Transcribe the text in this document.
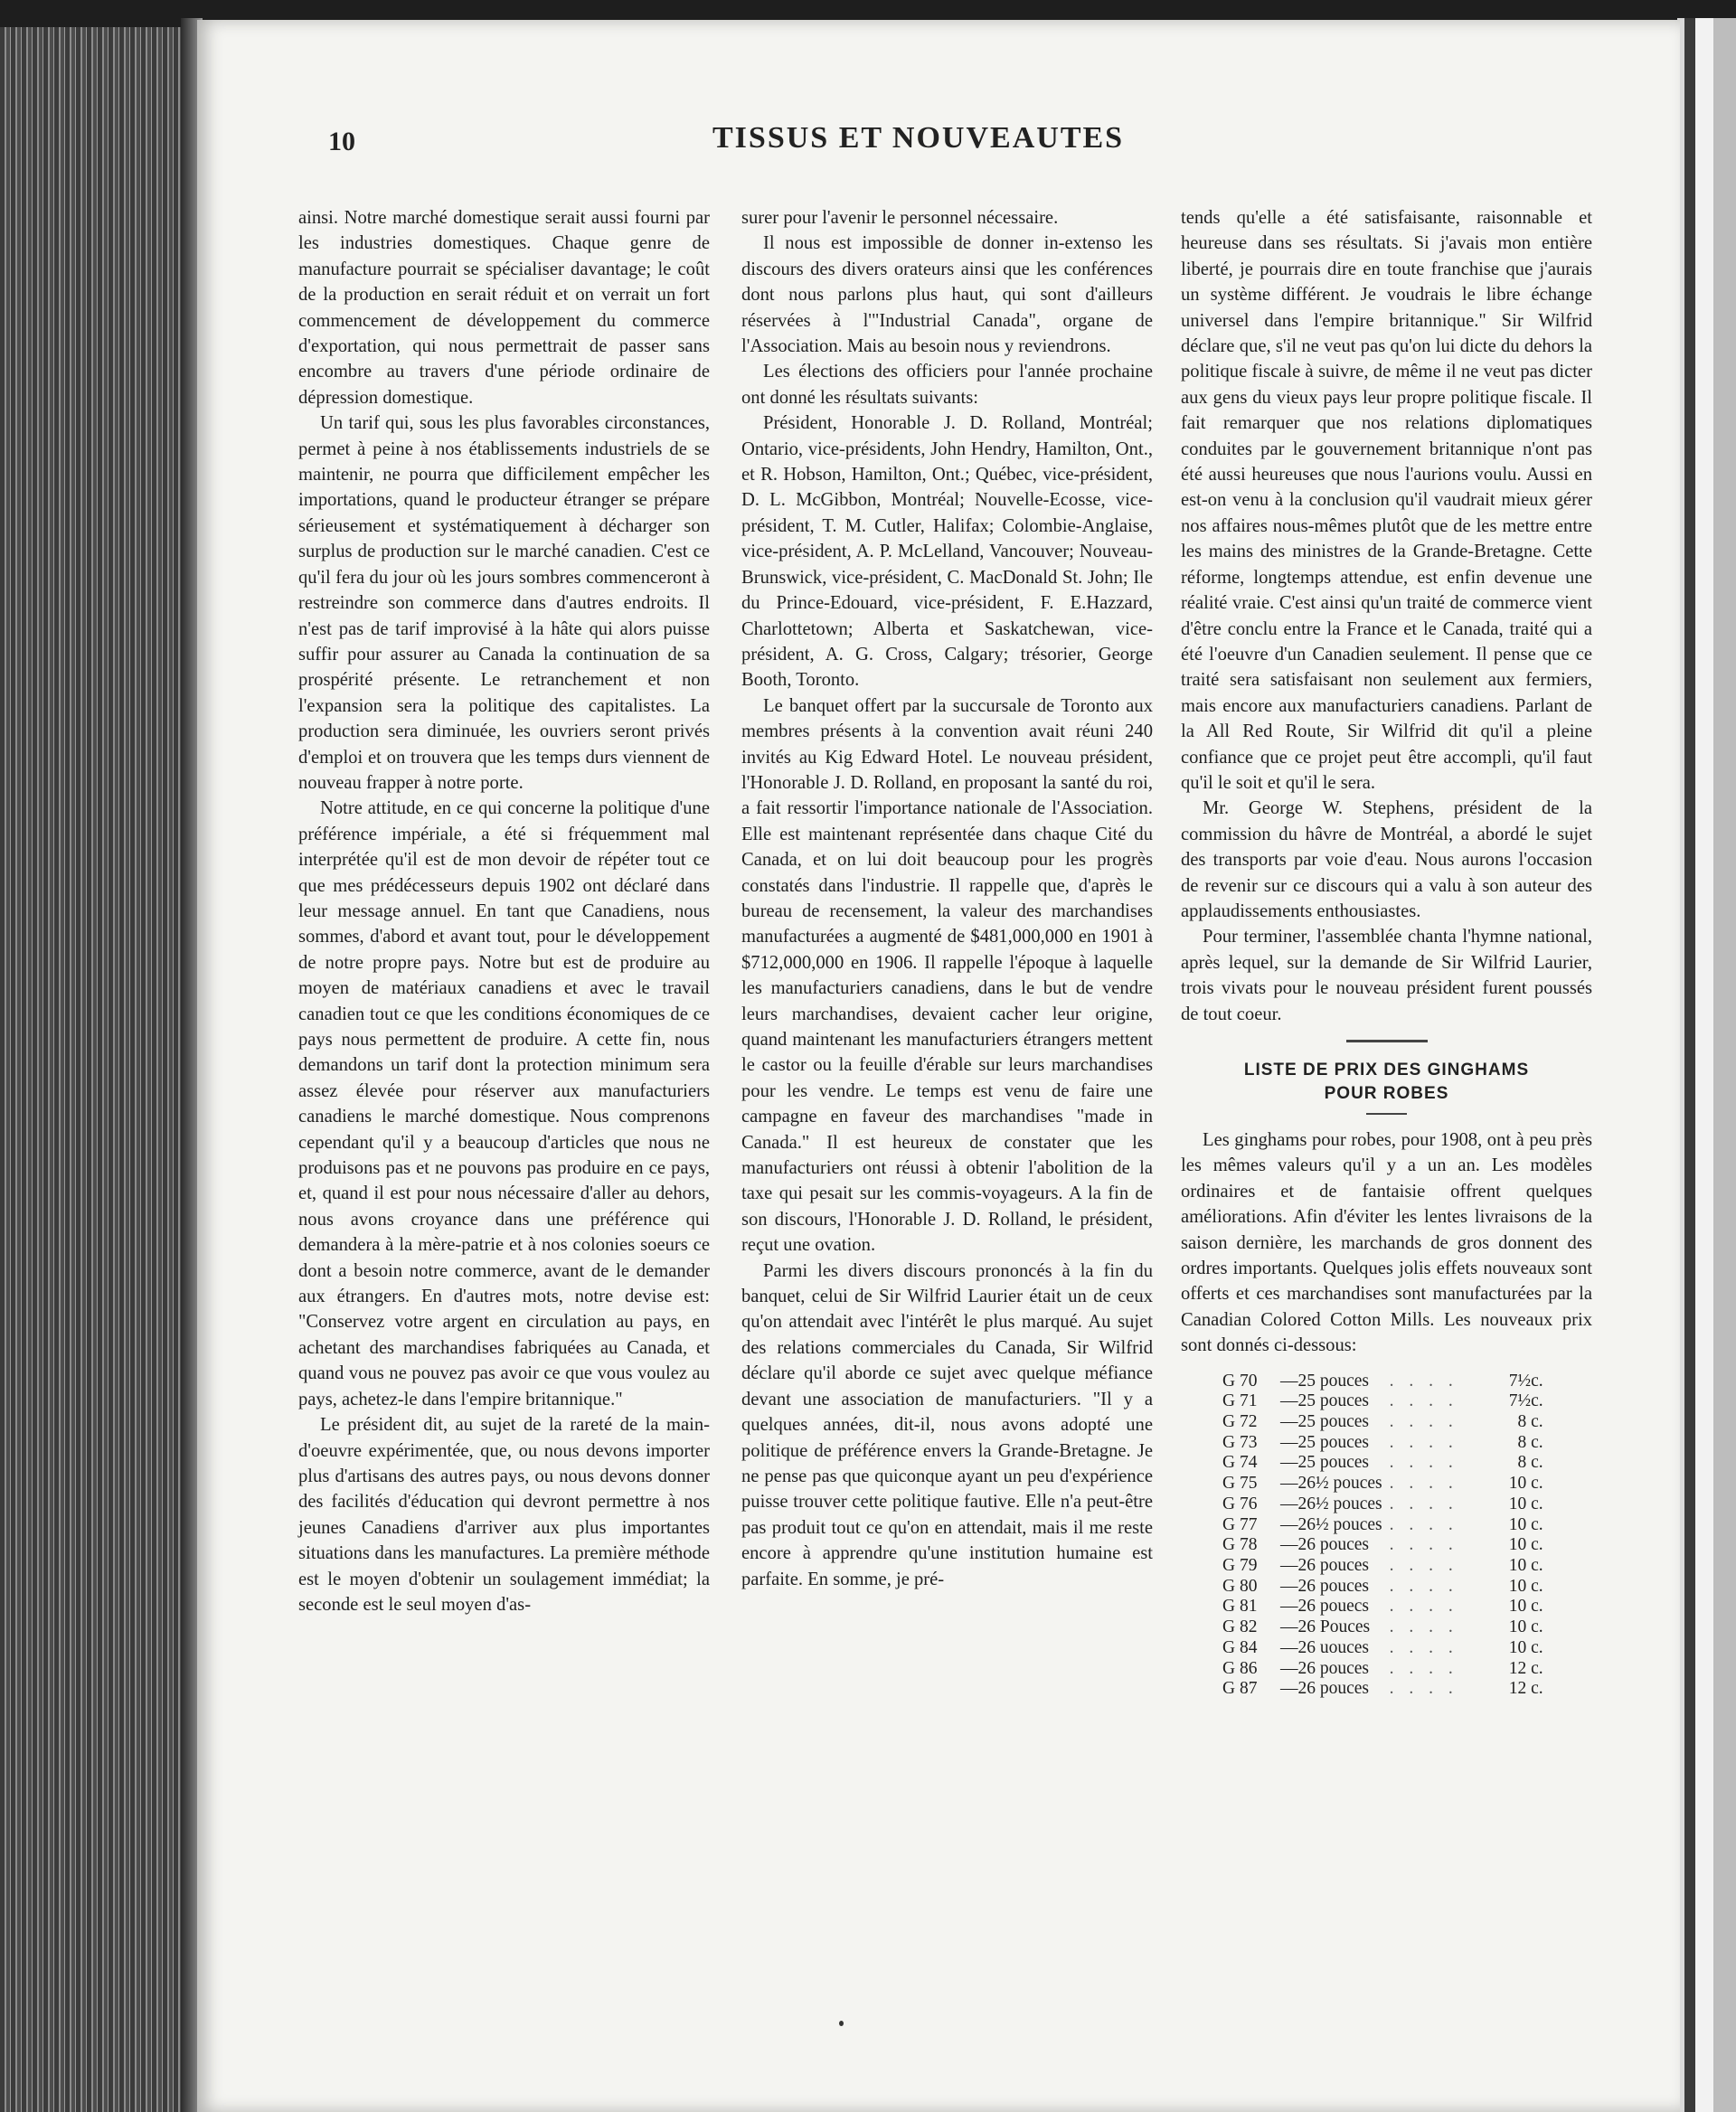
10	TISSUS ET NOUVEAUTES

ainsi. Notre marché domestique serait aussi fourni par les industries domestiques. Chaque genre de manufacture pourrait se spécialiser davantage; le coût de la production en serait réduit et on verrait un fort commencement de développement du commerce d'exportation, qui nous permettrait de passer sans encombre au travers d'une période ordinaire de dépression domestique.

Un tarif qui, sous les plus favorables circonstances, permet à peine à nos établissements industriels de se maintenir, ne pourra que difficilement empêcher les importations, quand le producteur étranger se prépare sérieusement et systématiquement à décharger son surplus de production sur le marché canadien. C'est ce qu'il fera du jour où les jours sombres commenceront à restreindre son commerce dans d'autres endroits. Il n'est pas de tarif improvisé à la hâte qui alors puisse suffir pour assurer au Canada la continuation de sa prospérité présente. Le retranchement et non l'expansion sera la politique des capitalistes. La production sera diminuée, les ouvriers seront privés d'emploi et on trouvera que les temps durs viennent de nouveau frapper à notre porte.

Notre attitude, en ce qui concerne la politique d'une préférence impériale, a été si fréquemment mal interprétée qu'il est de mon devoir de répéter tout ce que mes prédécesseurs depuis 1902 ont déclaré dans leur message annuel. En tant que Canadiens, nous sommes, d'abord et avant tout, pour le développement de notre propre pays. Notre but est de produire au moyen de matériaux canadiens et avec le travail canadien tout ce que les conditions économiques de ce pays nous permettent de produire. A cette fin, nous demandons un tarif dont la protection minimum sera assez élevée pour réserver aux manufacturiers canadiens le marché domestique. Nous comprenons cependant qu'il y a beaucoup d'articles que nous ne produisons pas et ne pouvons pas produire en ce pays, et, quand il est pour nous nécessaire d'aller au dehors, nous avons croyance dans une préférence qui demandera à la mère-patrie et à nos colonies soeurs ce dont a besoin notre commerce, avant de le demander aux étrangers. En d'autres mots, notre devise est: "Conservez votre argent en circulation au pays, en achetant des marchandises fabriquées au Canada, et quand vous ne pouvez pas avoir ce que vous voulez au pays, achetez-le dans l'empire britannique."

Le président dit, au sujet de la rareté de la main-d'oeuvre expérimentée, que, ou nous devons importer plus d'artisans des autres pays, ou nous devons donner des facilités d'éducation qui devront permettre à nos jeunes Canadiens d'arriver aux plus importantes situations dans les manufactures. La première méthode est le moyen d'obtenir un soulagement immédiat; la seconde est le seul moyen d'as-

surer pour l'avenir le personnel nécessaire.

Il nous est impossible de donner in-extenso les discours des divers orateurs ainsi que les conférences dont nous parlons plus haut, qui sont d'ailleurs réservées à l'"Industrial Canada", organe de l'Association. Mais au besoin nous y reviendrons.

Les élections des officiers pour l'année prochaine ont donné les résultats suivants:

Président, Honorable J. D. Rolland, Montréal; Ontario, vice-présidents, John Hendry, Hamilton, Ont., et R. Hobson, Hamilton, Ont.; Québec, vice-président, D. L. McGibbon, Montréal; Nouvelle-Ecosse, vice-président, T. M. Cutler, Halifax; Colombie-Anglaise, vice-président, A. P. McLelland, Vancouver; Nouveau-Brunswick, vice-président, C. MacDonald St. John; Ile du Prince-Edouard, vice-président, F. E.Hazzard, Charlottetown; Alberta et Saskatchewan, vice-président, A. G. Cross, Calgary; trésorier, George Booth, Toronto.

Le banquet offert par la succursale de Toronto aux membres présents à la convention avait réuni 240 invités au Kig Edward Hotel. Le nouveau président, l'Honorable J. D. Rolland, en proposant la santé du roi, a fait ressortir l'importance nationale de l'Association. Elle est maintenant représentée dans chaque Cité du Canada, et on lui doit beaucoup pour les progrès constatés dans l'industrie. Il rappelle que, d'après le bureau de recensement, la valeur des marchandises manufacturées a augmenté de $481,000,000 en 1901 à $712,000,000 en 1906. Il rappelle l'époque à laquelle les manufacturiers canadiens, dans le but de vendre leurs marchandises, devaient cacher leur origine, quand maintenant les manufacturiers étrangers mettent le castor ou la feuille d'érable sur leurs marchandises pour les vendre. Le temps est venu de faire une campagne en faveur des marchandises "made in Canada." Il est heureux de constater que les manufacturiers ont réussi à obtenir l'abolition de la taxe qui pesait sur les commis-voyageurs. A la fin de son discours, l'Honorable J. D. Rolland, le président, reçut une ovation.

Parmi les divers discours prononcés à la fin du banquet, celui de Sir Wilfrid Laurier était un de ceux qu'on attendait avec l'intérêt le plus marqué. Au sujet des relations commerciales du Canada, Sir Wilfrid déclare qu'il aborde ce sujet avec quelque méfiance devant une association de manufacturiers. "Il y a quelques années, dit-il, nous avons adopté une politique de préférence envers la Grande-Bretagne. Je ne pense pas que quiconque ayant un peu d'expérience puisse trouver cette politique fautive. Elle n'a peut-être pas produit tout ce qu'on en attendait, mais il me reste encore à apprendre qu'une institution humaine est parfaite. En somme, je pré-

tends qu'elle a été satisfaisante, raisonnable et heureuse dans ses résultats. Si j'avais mon entière liberté, je pourrais dire en toute franchise que j'aurais un système différent. Je voudrais le libre échange universel dans l'empire britannique." Sir Wilfrid déclare que, s'il ne veut pas qu'on lui dicte du dehors la politique fiscale à suivre, de même il ne veut pas dicter aux gens du vieux pays leur propre politique fiscale. Il fait remarquer que nos relations diplomatiques conduites par le gouvernement britannique n'ont pas été aussi heureuses que nous l'aurions voulu. Aussi en est-on venu à la conclusion qu'il vaudrait mieux gérer nos affaires nous-mêmes plutôt que de les mettre entre les mains des ministres de la Grande-Bretagne. Cette réforme, longtemps attendue, est enfin devenue une réalité vraie. C'est ainsi qu'un traité de commerce vient d'être conclu entre la France et le Canada, traité qui a été l'oeuvre d'un Canadien seulement. Il pense que ce traité sera satisfaisant non seulement aux fermiers, mais encore aux manufacturiers canadiens. Parlant de la All Red Route, Sir Wilfrid dit qu'il a pleine confiance que ce projet peut être accompli, qu'il faut qu'il le soit et qu'il le sera.

Mr. George W. Stephens, président de la commission du hâvre de Montréal, a abordé le sujet des transports par voie d'eau. Nous aurons l'occasion de revenir sur ce discours qui a valu à son auteur des applaudissements enthousiastes.

Pour terminer, l'assemblée chanta l'hymne national, après lequel, sur la demande de Sir Wilfrid Laurier, trois vivats pour le nouveau président furent poussés de tout coeur.

LISTE DE PRIX DES GINGHAMS
POUR ROBES

Les ginghams pour robes, pour 1908, ont à peu près les mêmes valeurs qu'il y a un an. Les modèles ordinaires et de fantaisie offrent quelques améliorations. Afin d'éviter les lentes livraisons de la saison dernière, les marchands de gros donnent des ordres importants. Quelques jolis effets nouveaux sont offerts et ces marchandises sont manufacturées par la Canadian Colored Cotton Mills. Les nouveaux prix sont donnés ci-dessous:

G 70	—25 pouces	. . . .	7½c.
G 71	—25 pouces	. . . .	7½c.
G 72	—25 pouces	. . . .	8 c.
G 73	—25 pouces	. . . .	8 c.
G 74	—25 pouces	. . . .	8 c.
G 75	—26½ pouces	. . . .	10 c.
G 76	—26½ pouces	. . . .	10 c.
G 77	—26½ pouces	. . . .	10 c.
G 78	—26 pouces	. . . .	10 c.
G 79	—26 pouces	. . . .	10 c.
G 80	—26 pouces	. . . .	10 c.
G 81	—26 pouecs	. . . .	10 c.
G 82	—26 Pouces	. . . .	10 c.
G 84	—26 uouces	. . . .	10 c.
G 86	—26 pouces	. . . .	12 c.
G 87	—26 pouces	. . . .	12 c.
